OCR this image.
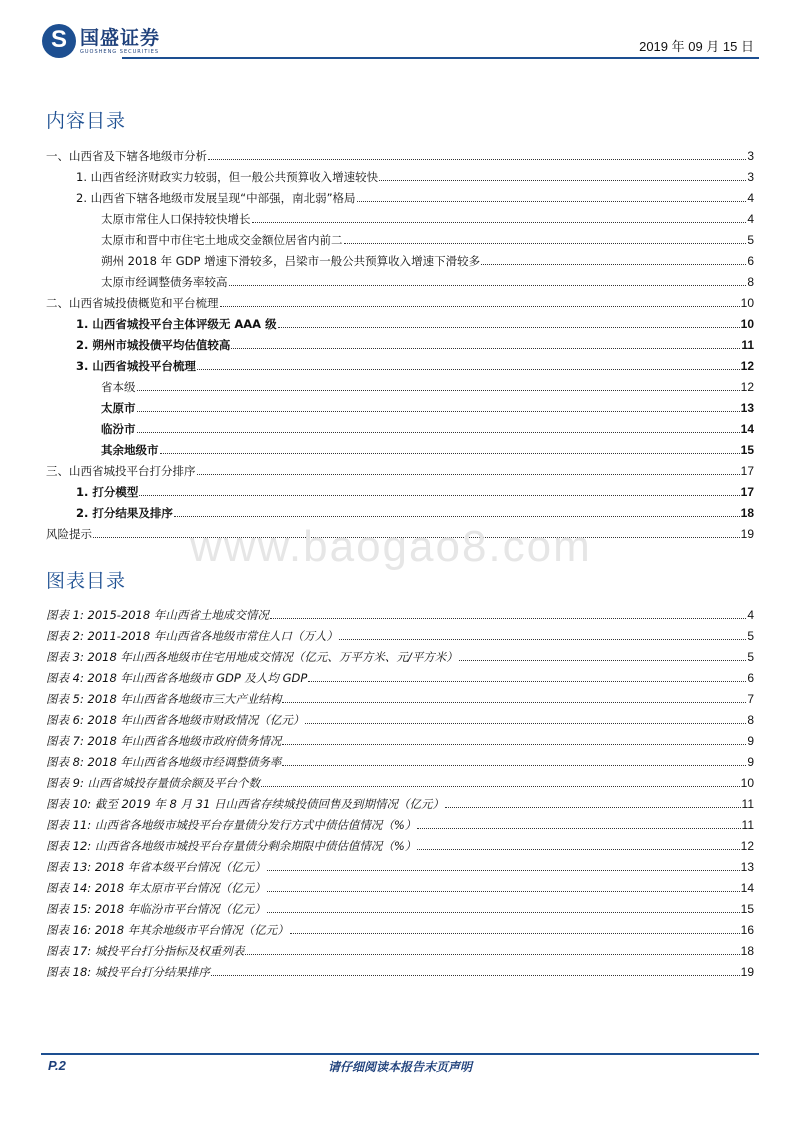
S
国盛证券
GUOSHENG SECURITIES	2019 年 09 月 15 日
内容目录
一、山西省及下辖各地级市分析	3
1. 山西省经济财政实力较弱，但一般公共预算收入增速较快	3
2. 山西省下辖各地级市发展呈现“中部强，南北弱”格局	4
太原市常住人口保持较快增长	4
太原市和晋中市住宅土地成交金额位居省内前二	5
朔州 2018 年 GDP 增速下滑较多，吕梁市一般公共预算收入增速下滑较多	6
太原市经调整债务率较高	8
二、山西省城投债概览和平台梳理	10
1. 山西省城投平台主体评级无 AAA 级	10
2. 朔州市城投债平均估值较高	11
3. 山西省城投平台梳理	12
省本级	12
太原市	13
临汾市	14
其余地级市	15
三、山西省城投平台打分排序	17
1. 打分模型	17
2. 打分结果及排序	18
风险提示	19
www.baogao8.com
图表目录
图表 1: 2015-2018 年山西省土地成交情况	4
图表 2: 2011-2018 年山西省各地级市常住人口（万人）	5
图表 3: 2018 年山西各地级市住宅用地成交情况（亿元、万平方米、元/平方米）	5
图表 4: 2018 年山西省各地级市 GDP 及人均 GDP	6
图表 5: 2018 年山西省各地级市三大产业结构	7
图表 6: 2018 年山西省各地级市财政情况（亿元）	8
图表 7: 2018 年山西省各地级市政府债务情况	9
图表 8: 2018 年山西省各地级市经调整债务率	9
图表 9: 山西省城投存量债余额及平台个数	10
图表 10: 截至 2019 年 8 月 31 日山西省存续城投债回售及到期情况（亿元）	11
图表 11: 山西省各地级市城投平台存量债分发行方式中债估值情况（%）	11
图表 12: 山西省各地级市城投平台存量债分剩余期限中债估值情况（%）	12
图表 13: 2018 年省本级平台情况（亿元）	13
图表 14: 2018 年太原市平台情况（亿元）	14
图表 15: 2018 年临汾市平台情况（亿元）	15
图表 16: 2018 年其余地级市平台情况（亿元）	16
图表 17: 城投平台打分指标及权重列表	18
图表 18: 城投平台打分结果排序	19
P.2	请仔细阅读本报告末页声明
